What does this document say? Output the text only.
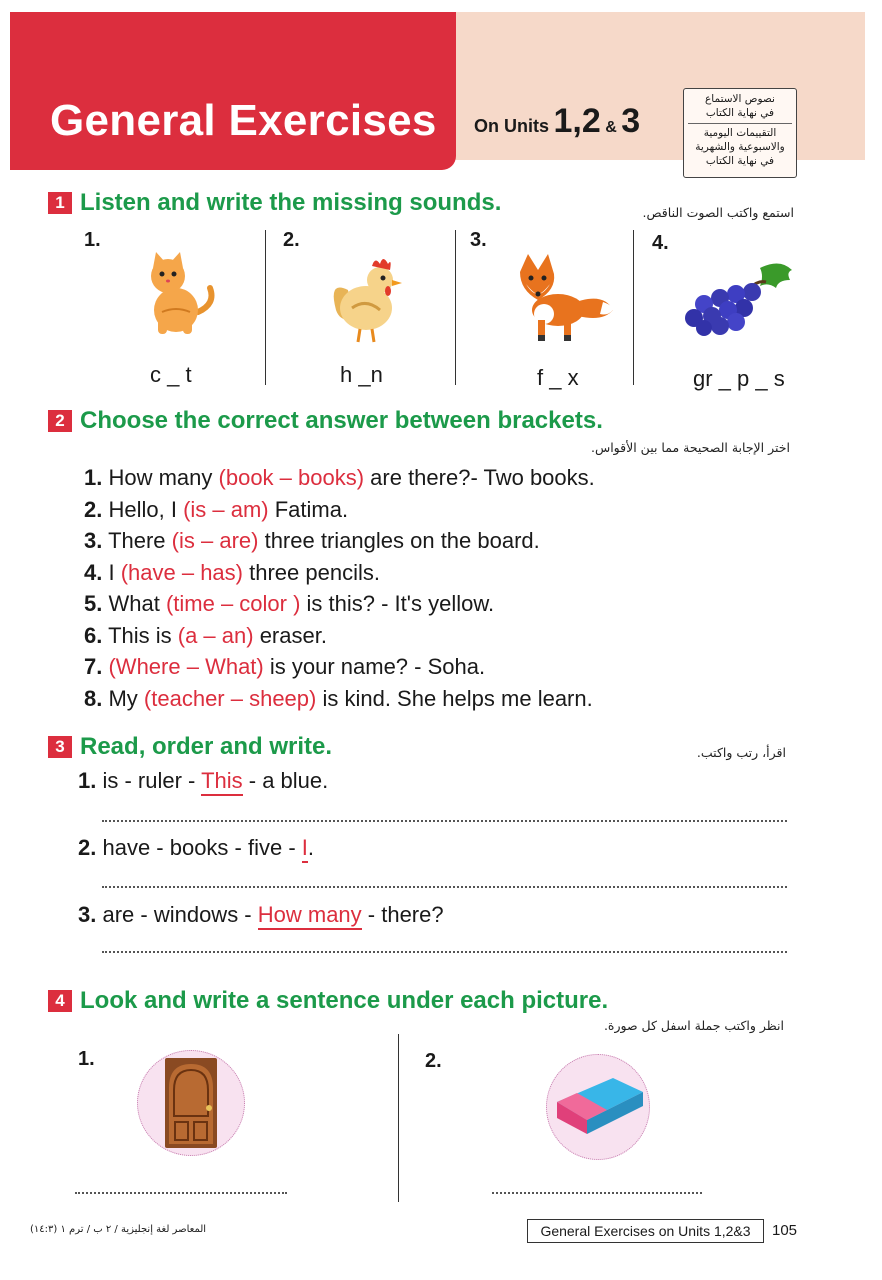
General Exercises On Units 1,2 & 3
نصوص الاستماع
في نهاية الكتاب
التقييمات اليومية
والاسبوعية والشهرية
في نهاية الكتاب
1 Listen and write the missing sounds.	استمع واكتب الصوت الناقص.
1.	2.	3.	4.
c _ t	h _n	f _ x	gr _ p _ s
2 Choose the correct answer between brackets.
اختر الإجابة الصحيحة مما بين الأقواس.
1. How many (book – books) are there?- Two books.
2. Hello, I (is – am) Fatima.
3. There (is – are) three triangles on the board.
4. I (have – has) three pencils.
5. What (time – color ) is this? - It's yellow.
6. This is (a – an) eraser.
7. (Where – What) is your name? - Soha.
8. My (teacher – sheep) is kind. She helps me learn.
3 Read, order and write.	اقرأ، رتب واكتب.
1. is - ruler - This - a blue.
2. have - books - five - I.
3. are - windows - How many - there?
4 Look and write a sentence under each picture.
انظر واكتب جملة اسفل كل صورة.
1.	2.
المعاصر لغة إنجليزية / ٢ ب / ترم ١ (١٤:٣)	General Exercises on Units 1,2&3	105
